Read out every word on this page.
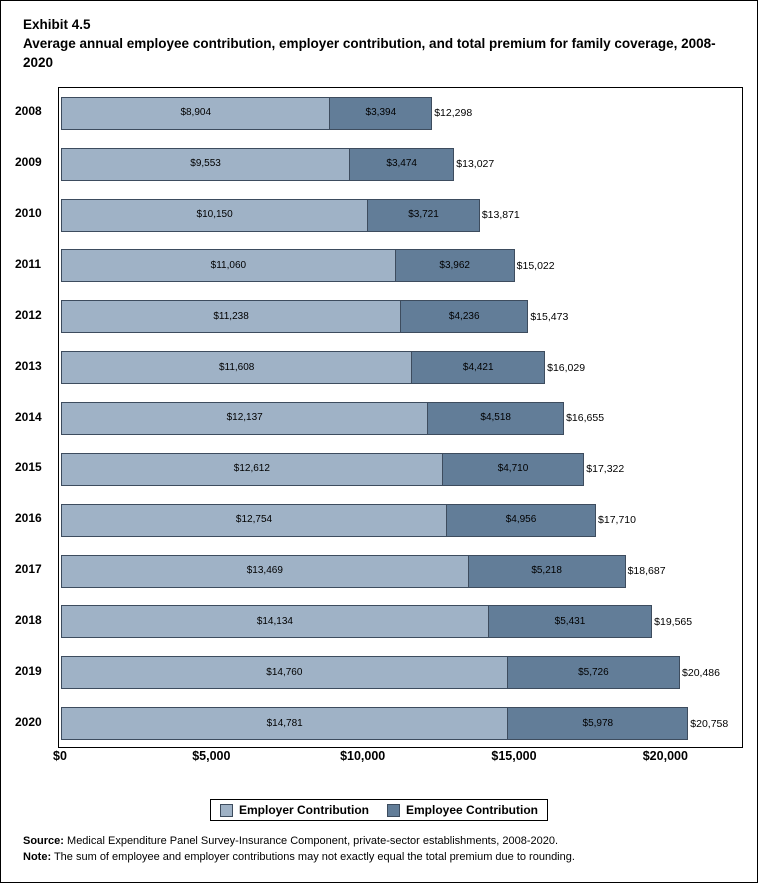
Exhibit 4.5
Average annual employee contribution, employer contribution, and total premium for family coverage, 2008-2020
$8,904	$3,394	$12,298
$9,553	$3,474	$13,027
$10,150	$3,721	$13,871
$11,060	$3,962	$15,022
$11,238	$4,236	$15,473
$11,608	$4,421	$16,029
$12,137	$4,518	$16,655
$12,612	$4,710	$17,322
$12,754	$4,956	$17,710
$13,469	$5,218	$18,687
$14,134	$5,431	$19,565
$14,760	$5,726	$20,486
$14,781	$5,978	$20,758
2008
2009
2010
2011
2012
2013
2014
2015
2016
2017
2018
2019
2020
$0	$5,000	$10,000	$15,000	$20,000
Employer Contribution	Employee Contribution
Source: Medical Expenditure Panel Survey-Insurance Component, private-sector establishments, 2008-2020.
Note: The sum of employee and employer contributions may not exactly equal the total premium due to rounding.
